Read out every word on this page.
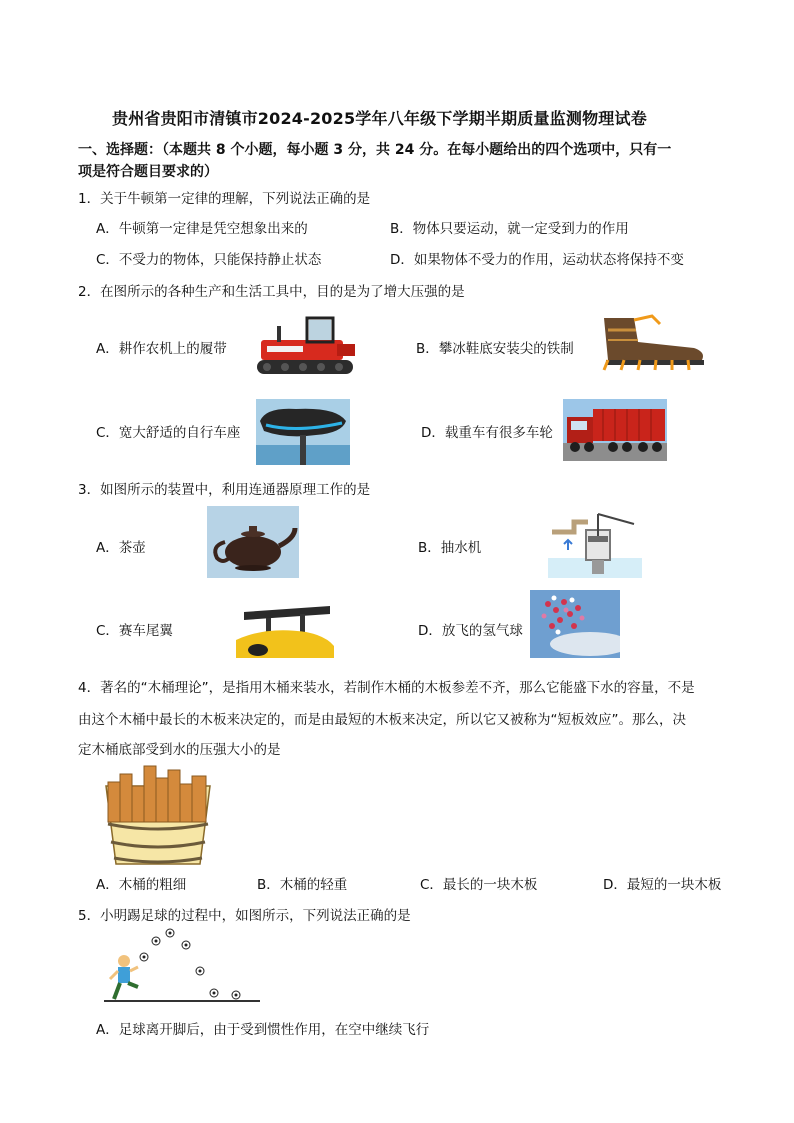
贵州省贵阳市清镇市2024-2025学年八年级下学期半期质量监测物理试卷
一、选择题：（本题共 8 个小题，每小题 3 分，共 24 分。在每小题给出的四个选项中，只有一
项是符合题目要求的）
1．关于牛顿第一定律的理解，下列说法正确的是
A．牛顿第一定律是凭空想象出来的	B．物体只要运动，就一定受到力的作用
C．不受力的物体，只能保持静止状态	D．如果物体不受力的作用，运动状态将保持不变
2．在图所示的各种生产和生活工具中，目的是为了增大压强的是
A．耕作农机上的履带	B．攀冰鞋底安装尖的铁制
C．宽大舒适的自行车座	D．载重车有很多车轮
3．如图所示的装置中，利用连通器原理工作的是
A．茶壶	B．抽水机
C．赛车尾翼	D．放飞的氢气球
4．著名的“木桶理论”，是指用木桶来装水，若制作木桶的木板参差不齐，那么它能盛下水的容量，不是
由这个木桶中最长的木板来决定的，而是由最短的木板来决定，所以它又被称为“短板效应”。那么，决
定木桶底部受到水的压强大小的是
A．木桶的粗细	B．木桶的轻重	C．最长的一块木板	D．最短的一块木板
5．小明踢足球的过程中，如图所示，下列说法正确的是
A．足球离开脚后，由于受到惯性作用，在空中继续飞行
